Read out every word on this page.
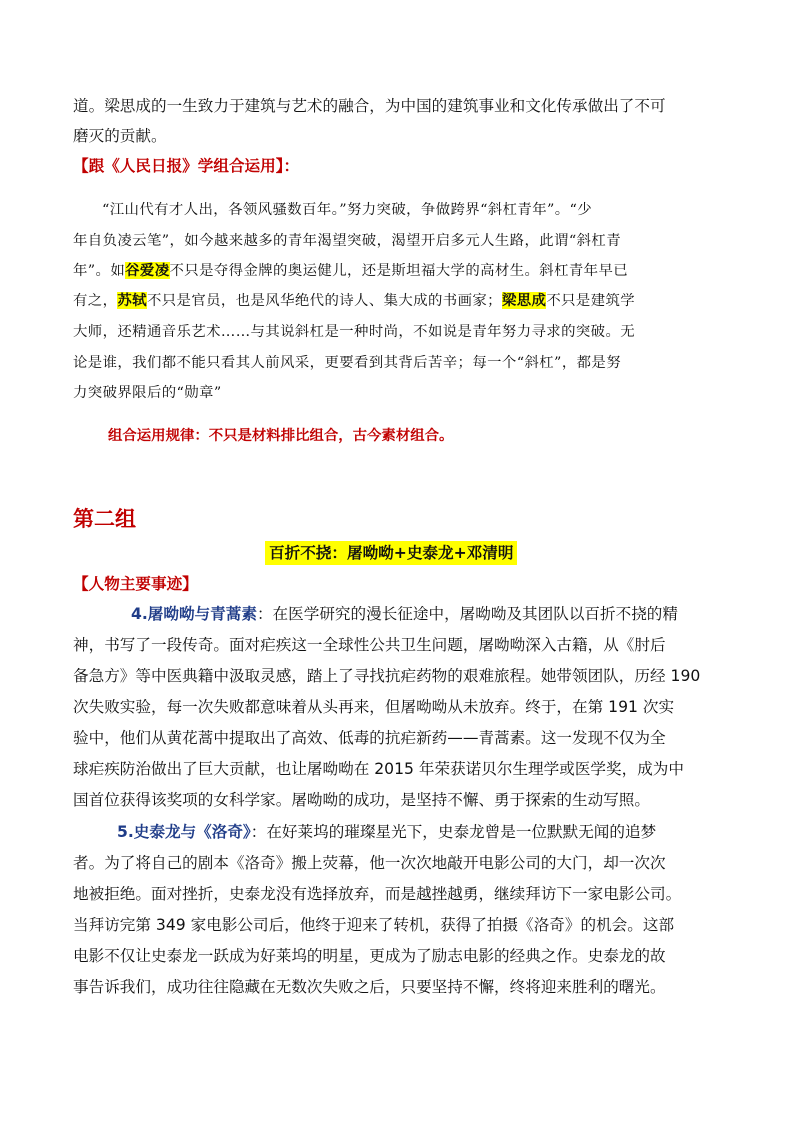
道。梁思成的一生致力于建筑与艺术的融合，为中国的建筑事业和文化传承做出了不可
磨灭的贡献。
【跟《人民日报》学组合运用】：
“江山代有才人出，各领风骚数百年。”努力突破，争做跨界“斜杠青年”。“少
年自负凌云笔”，如今越来越多的青年渴望突破，渴望开启多元人生路，此谓“斜杠青
年”。如谷爱凌不只是夺得金牌的奥运健儿，还是斯坦福大学的高材生。斜杠青年早已
有之，苏轼不只是官员，也是风华绝代的诗人、集大成的书画家；梁思成不只是建筑学
大师，还精通音乐艺术……与其说斜杠是一种时尚，不如说是青年努力寻求的突破。无
论是谁，我们都不能只看其人前风采，更要看到其背后苦辛；每一个“斜杠”，都是努
力突破界限后的“勋章”
组合运用规律：不只是材料排比组合，古今素材组合。
第二组
百折不挠：屠呦呦+史泰龙+邓清明
【人物主要事迹】
4.屠呦呦与青蒿素：在医学研究的漫长征途中，屠呦呦及其团队以百折不挠的精
神，书写了一段传奇。面对疟疾这一全球性公共卫生问题，屠呦呦深入古籍，从《肘后
备急方》等中医典籍中汲取灵感，踏上了寻找抗疟药物的艰难旅程。她带领团队，历经 190
次失败实验，每一次失败都意味着从头再来，但屠呦呦从未放弃。终于，在第 191 次实
验中，他们从黄花蒿中提取出了高效、低毒的抗疟新药——青蒿素。这一发现不仅为全
球疟疾防治做出了巨大贡献，也让屠呦呦在 2015 年荣获诺贝尔生理学或医学奖，成为中
国首位获得该奖项的女科学家。屠呦呦的成功，是坚持不懈、勇于探索的生动写照。
5.史泰龙与《洛奇》：在好莱坞的璀璨星光下，史泰龙曾是一位默默无闻的追梦
者。为了将自己的剧本《洛奇》搬上荧幕，他一次次地敲开电影公司的大门，却一次次
地被拒绝。面对挫折，史泰龙没有选择放弃，而是越挫越勇，继续拜访下一家电影公司。
当拜访完第 349 家电影公司后，他终于迎来了转机，获得了拍摄《洛奇》的机会。这部
电影不仅让史泰龙一跃成为好莱坞的明星，更成为了励志电影的经典之作。史泰龙的故
事告诉我们，成功往往隐藏在无数次失败之后，只要坚持不懈，终将迎来胜利的曙光。
